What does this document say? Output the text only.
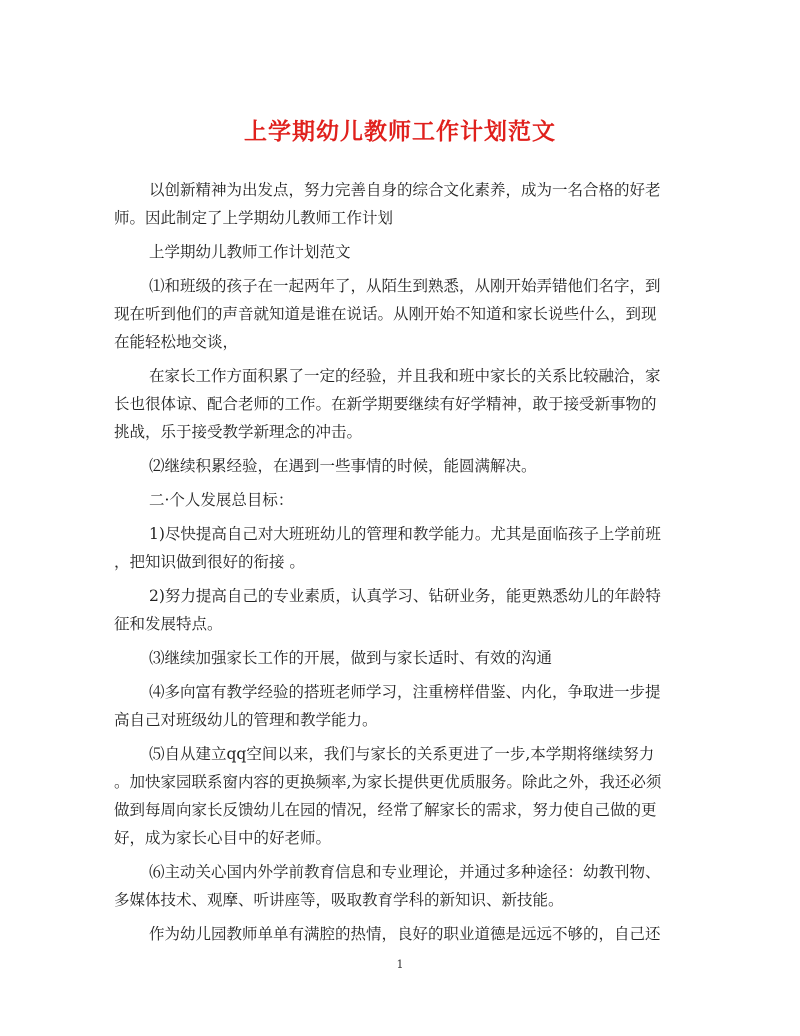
上学期幼儿教师工作计划范文

以创新精神为出发点，努力完善自身的综合文化素养，成为一名合格的好老
师。因此制定了上学期幼儿教师工作计划

上学期幼儿教师工作计划范文

⑴和班级的孩子在一起两年了，从陌生到熟悉，从刚开始弄错他们名字，到
现在听到他们的声音就知道是谁在说话。从刚开始不知道和家长说些什么，到现
在能轻松地交谈，

在家长工作方面积累了一定的经验，并且我和班中家长的关系比较融洽，家
长也很体谅、配合老师的工作。在新学期要继续有好学精神，敢于接受新事物的
挑战，乐于接受教学新理念的冲击。

⑵继续积累经验，在遇到一些事情的时候，能圆满解决。

二·个人发展总目标：

1)尽快提高自己对大班班幼儿的管理和教学能力。尤其是面临孩子上学前班
，把知识做到很好的衔接 。

2)努力提高自己的专业素质，认真学习、钻研业务，能更熟悉幼儿的年龄特
征和发展特点。

⑶继续加强家长工作的开展，做到与家长适时、有效的沟通

⑷多向富有教学经验的搭班老师学习，注重榜样借鉴、内化，争取进一步提
高自己对班级幼儿的管理和教学能力。

⑸自从建立qq空间以来，我们与家长的关系更进了一步,本学期将继续努力
。加快家园联系窗内容的更换频率,为家长提供更优质服务。除此之外，我还必须
做到每周向家长反馈幼儿在园的情况，经常了解家长的需求，努力使自己做的更
好，成为家长心目中的好老师。

⑹主动关心国内外学前教育信息和专业理论，并通过多种途径：幼教刊物、
多媒体技术、观摩、听讲座等，吸取教育学科的新知识、新技能。

作为幼儿园教师单单有满腔的热情，良好的职业道德是远远不够的，自己还

1
